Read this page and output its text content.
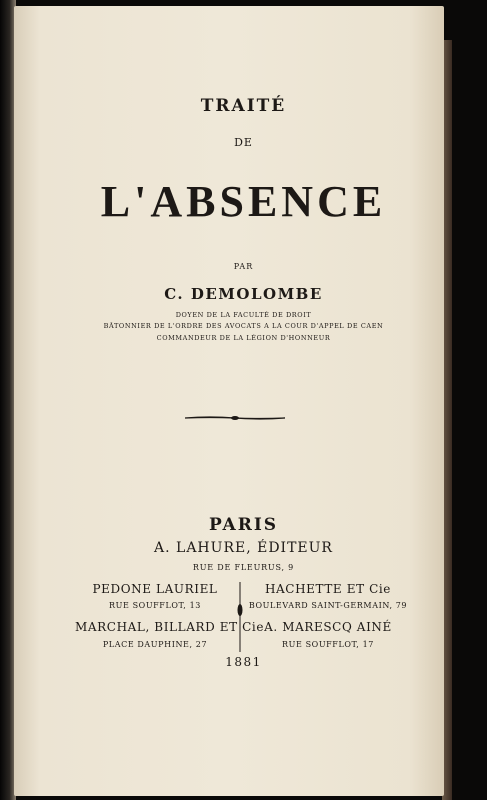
TRAITÉ
DE
L'ABSENCE
PAR
C. DEMOLOMBE
DOYEN DE LA FACULTÉ DE DROIT
BÂTONNIER DE L'ORDRE DES AVOCATS A LA COUR D'APPEL DE CAEN
COMMANDEUR DE LA LÉGION D'HONNEUR
PARIS
A. LAHURE, ÉDITEUR
RUE DE FLEURUS, 9
PEDONE LAURIEL
RUE SOUFFLOT, 13
MARCHAL, BILLARD ET Cie
PLACE DAUPHINE, 27
HACHETTE ET Cie
BOULEVARD SAINT-GERMAIN, 79
A. MARESCQ AINÉ
RUE SOUFFLOT, 17
1881
